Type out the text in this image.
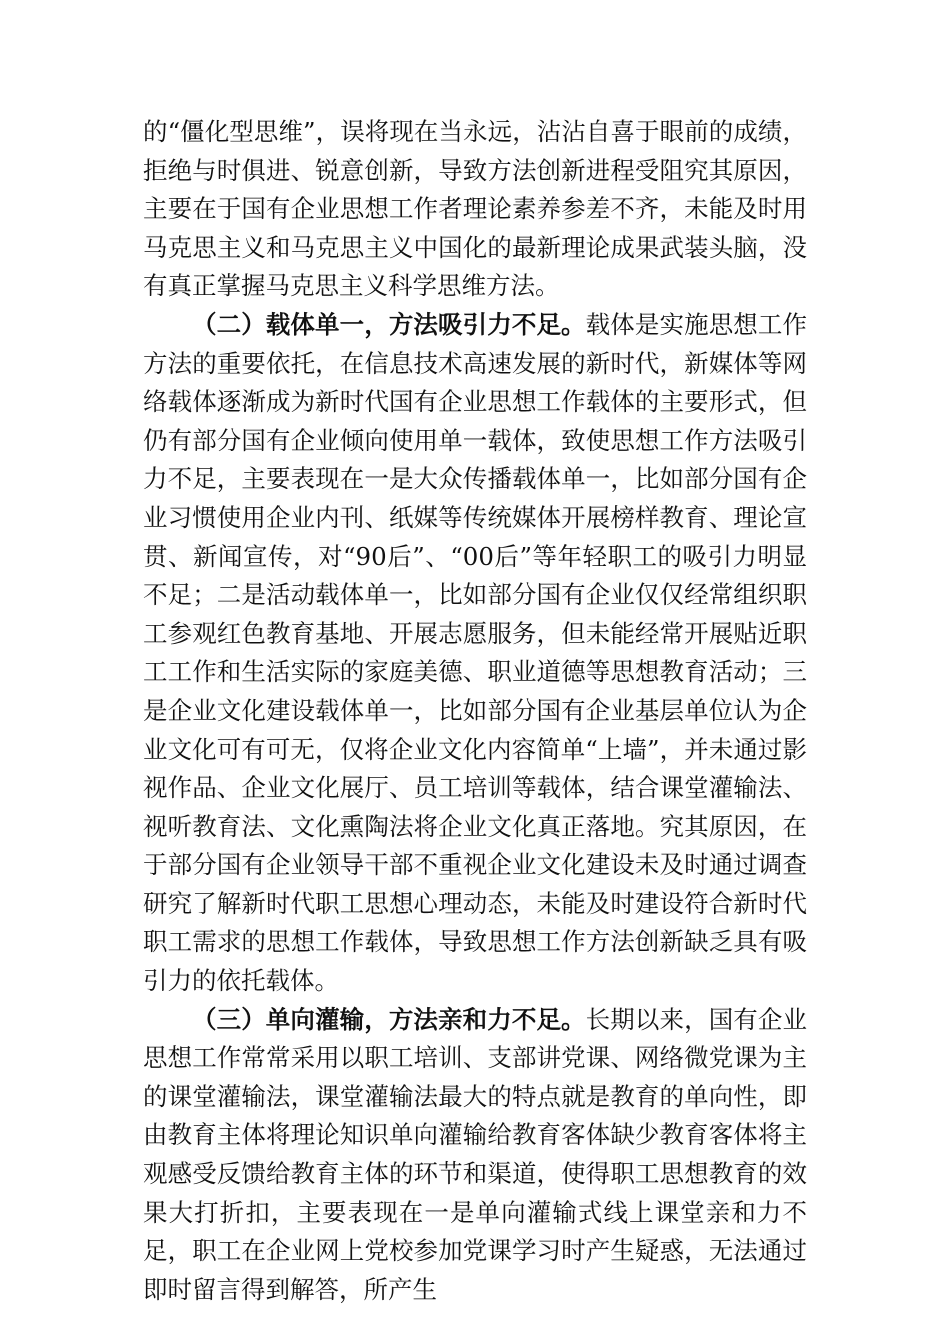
的“僵化型思维”，误将现在当永远，沾沾自喜于眼前的成绩，拒绝与时俱进、锐意创新，导致方法创新进程受阻究其原因，主要在于国有企业思想工作者理论素养参差不齐，未能及时用马克思主义和马克思主义中国化的最新理论成果武装头脑，没有真正掌握马克思主义科学思维方法。

（二）载体单一，方法吸引力不足。载体是实施思想工作方法的重要依托，在信息技术高速发展的新时代，新媒体等网络载体逐渐成为新时代国有企业思想工作载体的主要形式，但仍有部分国有企业倾向使用单一载体，致使思想工作方法吸引力不足，主要表现在一是大众传播载体单一，比如部分国有企业习惯使用企业内刊、纸媒等传统媒体开展榜样教育、理论宣贯、新闻宣传，对“90后”、“00后”等年轻职工的吸引力明显不足；二是活动载体单一，比如部分国有企业仅仅经常组织职工参观红色教育基地、开展志愿服务，但未能经常开展贴近职工工作和生活实际的家庭美德、职业道德等思想教育活动；三是企业文化建设载体单一，比如部分国有企业基层单位认为企业文化可有可无，仅将企业文化内容简单“上墙”，并未通过影视作品、企业文化展厅、员工培训等载体，结合课堂灌输法、视听教育法、文化熏陶法将企业文化真正落地。究其原因，在于部分国有企业领导干部不重视企业文化建设未及时通过调查研究了解新时代职工思想心理动态，未能及时建设符合新时代职工需求的思想工作载体，导致思想工作方法创新缺乏具有吸引力的依托载体。

（三）单向灌输，方法亲和力不足。长期以来，国有企业思想工作常常采用以职工培训、支部讲党课、网络微党课为主的课堂灌输法，课堂灌输法最大的特点就是教育的单向性，即由教育主体将理论知识单向灌输给教育客体缺少教育客体将主观感受反馈给教育主体的环节和渠道，使得职工思想教育的效果大打折扣，主要表现在一是单向灌输式线上课堂亲和力不足，职工在企业网上党校参加党课学习时产生疑惑，无法通过即时留言得到解答，所产生
